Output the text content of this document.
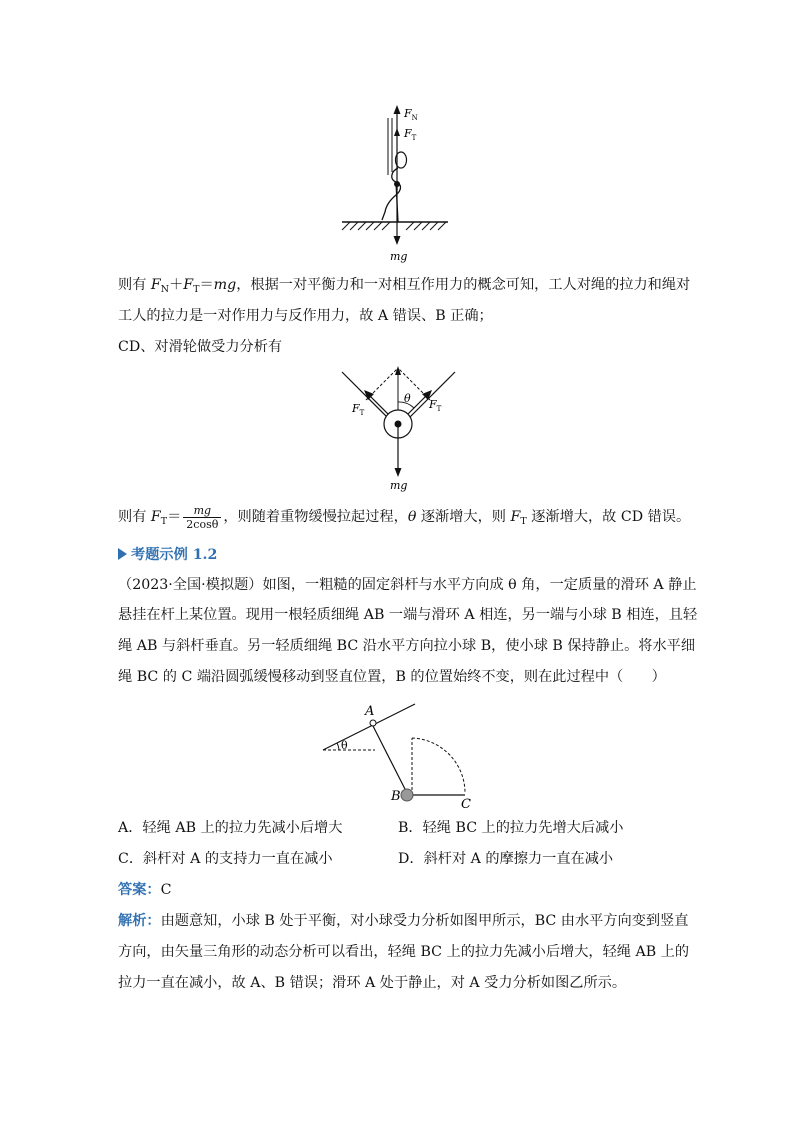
$F_N$
$F_T$
mg
则有 $F_N+F_T=mg$，根据一对平衡力和一对相互作用力的概念可知，工人对绳的拉力和绳对
工人的拉力是一对作用力与反作用力，故 A 错误、B 正确；
CD、对滑轮做受力分析有
$F_T$
$F_T$
θ
mg
则有 $F_T= \frac{mg}{2\cos\theta}$ ，则随着重物缓慢拉起过程，θ 逐渐增大，则 $F_T$ 逐渐增大，故 CD 错误。
考题示例 1.2
（2023·全国·模拟题）如图，一粗糙的固定斜杆与水平方向成 θ 角，一定质量的滑环 A 静止
悬挂在杆上某位置。现用一根轻质细绳 AB 一端与滑环 A 相连，另一端与小球 B 相连，且轻
绳 AB 与斜杆垂直。另一轻质细绳 BC 沿水平方向拉小球 B，使小球 B 保持静止。将水平细
绳 BC 的 C 端沿圆弧缓慢移动到竖直位置，B 的位置始终不变，则在此过程中（　　）
A
B
C
θ
A．轻绳 AB 上的拉力先减小后增大	B．轻绳 BC 上的拉力先增大后减小
C．斜杆对 A 的支持力一直在减小	D．斜杆对 A 的摩擦力一直在减小
答案：C
解析：由题意知，小球 B 处于平衡，对小球受力分析如图甲所示，BC 由水平方向变到竖直
方向，由矢量三角形的动态分析可以看出，轻绳 BC 上的拉力先减小后增大，轻绳 AB 上的
拉力一直在减小，故 A、B 错误；滑环 A 处于静止，对 A 受力分析如图乙所示。
